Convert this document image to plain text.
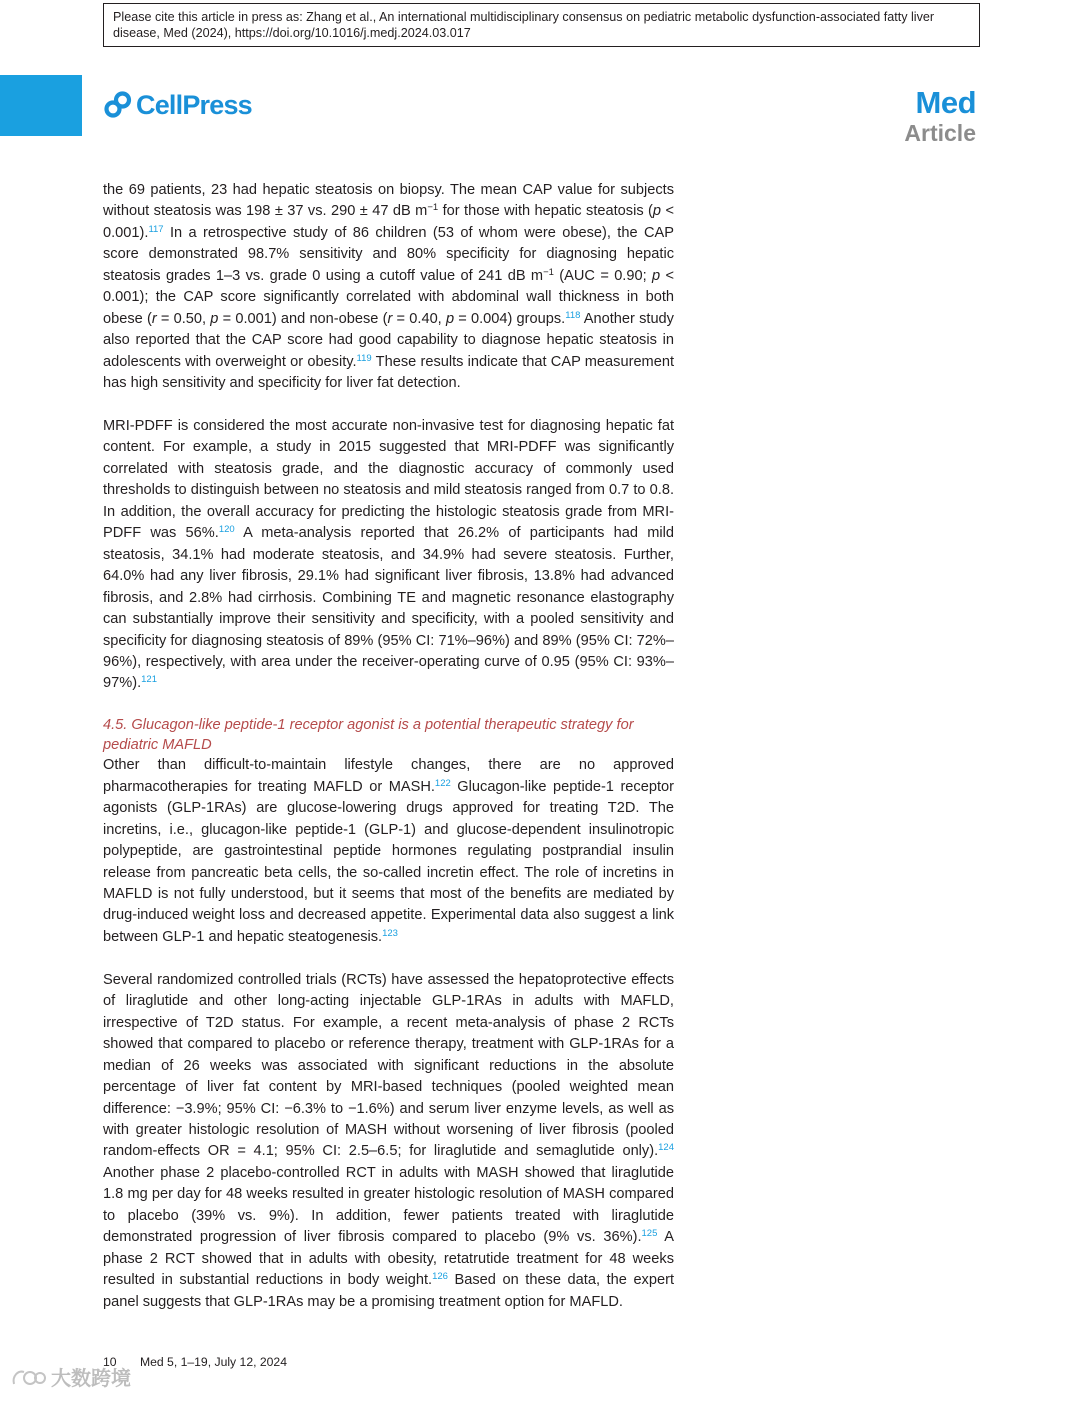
Please cite this article in press as: Zhang et al., An international multidisciplinary consensus on pediatric metabolic dysfunction-associated fatty liver disease, Med (2024), https://doi.org/10.1016/j.medj.2024.03.017
CellPress	Med
Article

the 69 patients, 23 had hepatic steatosis on biopsy. The mean CAP value for subjects without steatosis was 198 ± 37 vs. 290 ± 47 dB $m^{-1}$ for those with hepatic steatosis (p < 0.001).$^{117}$ In a retrospective study of 86 children (53 of whom were obese), the CAP score demonstrated 98.7% sensitivity and 80% specificity for diagnosing hepatic steatosis grades 1–3 vs. grade 0 using a cutoff value of 241 dB $m^{-1}$ (AUC = 0.90; p < 0.001); the CAP score significantly correlated with abdominal wall thickness in both obese (r = 0.50, p = 0.001) and non-obese (r = 0.40, p = 0.004) groups.$^{118}$ Another study also reported that the CAP score had good capability to diagnose hepatic steatosis in adolescents with overweight or obesity.$^{119}$ These results indicate that CAP measurement has high sensitivity and specificity for liver fat detection.

MRI-PDFF is considered the most accurate non-invasive test for diagnosing hepatic fat content. For example, a study in 2015 suggested that MRI-PDFF was significantly correlated with steatosis grade, and the diagnostic accuracy of commonly used thresholds to distinguish between no steatosis and mild steatosis ranged from 0.7 to 0.8. In addition, the overall accuracy for predicting the histologic steatosis grade from MRI-PDFF was 56%.$^{120}$ A meta-analysis reported that 26.2% of participants had mild steatosis, 34.1% had moderate steatosis, and 34.9% had severe steatosis. Further, 64.0% had any liver fibrosis, 29.1% had significant liver fibrosis, 13.8% had advanced fibrosis, and 2.8% had cirrhosis. Combining TE and magnetic resonance elastography can substantially improve their sensitivity and specificity, with a pooled sensitivity and specificity for diagnosing steatosis of 89% (95% CI: 71%–96%) and 89% (95% CI: 72%–96%), respectively, with area under the receiver-operating curve of 0.95 (95% CI: 93%–97%).$^{121}$

4.5. Glucagon-like peptide-1 receptor agonist is a potential therapeutic strategy for pediatric MAFLD

Other than difficult-to-maintain lifestyle changes, there are no approved pharmacotherapies for treating MAFLD or MASH.$^{122}$ Glucagon-like peptide-1 receptor agonists (GLP-1RAs) are glucose-lowering drugs approved for treating T2D. The incretins, i.e., glucagon-like peptide-1 (GLP-1) and glucose-dependent insulinotropic polypeptide, are gastrointestinal peptide hormones regulating postprandial insulin release from pancreatic beta cells, the so-called incretin effect. The role of incretins in MAFLD is not fully understood, but it seems that most of the benefits are mediated by drug-induced weight loss and decreased appetite. Experimental data also suggest a link between GLP-1 and hepatic steatogenesis.$^{123}$

Several randomized controlled trials (RCTs) have assessed the hepatoprotective effects of liraglutide and other long-acting injectable GLP-1RAs in adults with MAFLD, irrespective of T2D status. For example, a recent meta-analysis of phase 2 RCTs showed that compared to placebo or reference therapy, treatment with GLP-1RAs for a median of 26 weeks was associated with significant reductions in the absolute percentage of liver fat content by MRI-based techniques (pooled weighted mean difference: −3.9%; 95% CI: −6.3% to −1.6%) and serum liver enzyme levels, as well as with greater histologic resolution of MASH without worsening of liver fibrosis (pooled random-effects OR = 4.1; 95% CI: 2.5–6.5; for liraglutide and semaglutide only).$^{124}$ Another phase 2 placebo-controlled RCT in adults with MASH showed that liraglutide 1.8 mg per day for 48 weeks resulted in greater histologic resolution of MASH compared to placebo (39% vs. 9%). In addition, fewer patients treated with liraglutide demonstrated progression of liver fibrosis compared to placebo (9% vs. 36%).$^{125}$ A phase 2 RCT showed that in adults with obesity, retatrutide treatment for 48 weeks resulted in substantial reductions in body weight.$^{126}$ Based on these data, the expert panel suggests that GLP-1RAs may be a promising treatment option for MAFLD.

10 Med 5, 1–19, July 12, 2024
大数跨境
